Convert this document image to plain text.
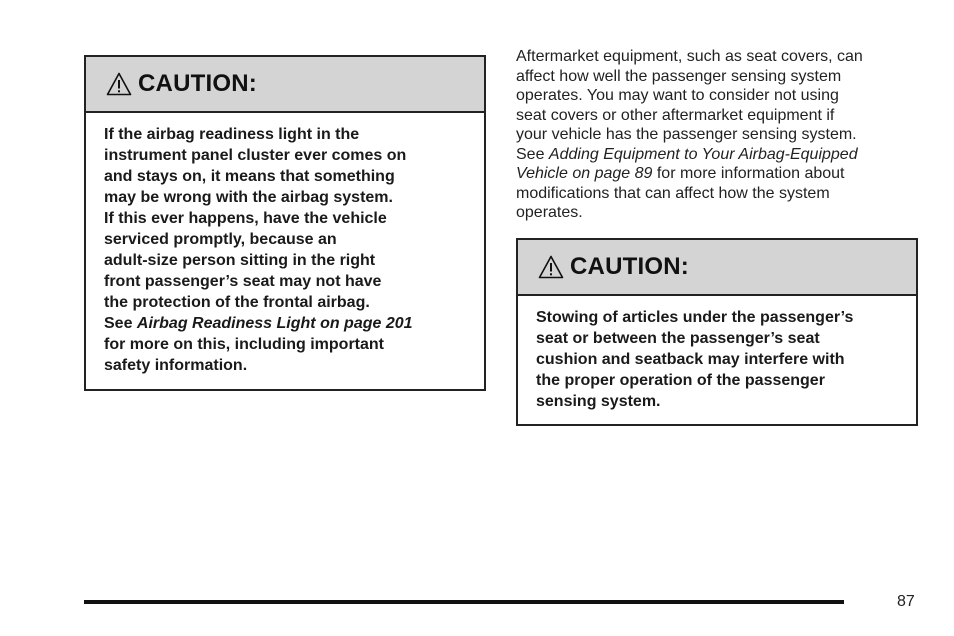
CAUTION:

If the airbag readiness light in the

instrument panel cluster ever comes on

and stays on, it means that something

may be wrong with the airbag system.

If this ever happens, have the vehicle

serviced promptly, because an

adult-size person sitting in the right

front passenger’s seat may not have

the protection of the frontal airbag.

See Airbag Readiness Light on page 201

for more on this, including important

safety information.

Aftermarket equipment, such as seat covers, can

affect how well the passenger sensing system

operates. You may want to consider not using

seat covers or other aftermarket equipment if

your vehicle has the passenger sensing system.

See Adding Equipment to Your Airbag-Equipped

Vehicle on page 89 for more information about

modifications that can affect how the system

operates.

CAUTION:

Stowing of articles under the passenger’s

seat or between the passenger’s seat

cushion and seatback may interfere with

the proper operation of the passenger

sensing system.

87
